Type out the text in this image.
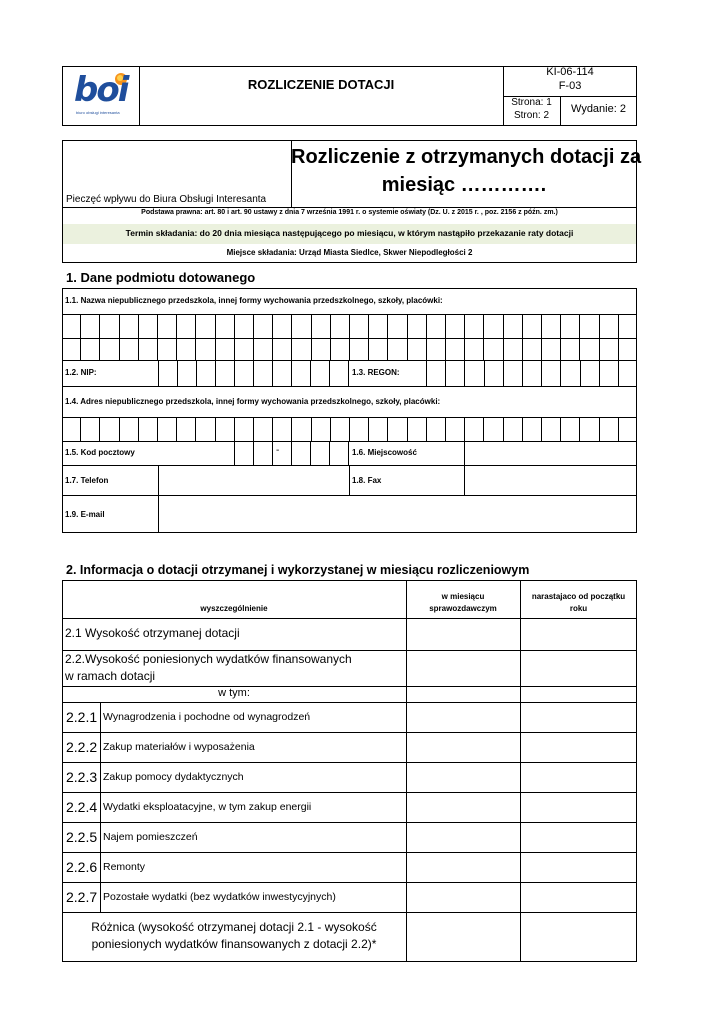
boi
biuro obsługi interesanta
ROZLICZENIE DOTACJI
KI-06-114
F-03
Strona: 1
Stron: 2
Wydanie: 2
Pieczęć wpływu do Biura Obsługi Interesanta
Rozliczenie z otrzymanych dotacji za
miesiąc ………….
Podstawa prawna: art. 80 i art. 90 ustawy z dnia 7 września 1991 r. o systemie oświaty (Dz. U. z 2015 r. , poz. 2156 z późn. zm.)
Termin składania: do 20 dnia miesiąca następującego po miesiącu, w którym nastąpiło przekazanie raty dotacji
Miejsce składania: Urząd Miasta Siedlce, Skwer Niepodległości 2
1. Dane podmiotu dotowanego
1.1. Nazwa niepublicznego przedszkola, innej formy wychowania przedszkolnego, szkoły, placówki:
1.2. NIP:	1.3. REGON:
1.4. Adres niepublicznego przedszkola, innej formy wychowania przedszkolnego, szkoły, placówki:
1.5. Kod pocztowy	-	1.6. Miejscowość
1.7. Telefon	1.8. Fax
1.9. E-mail
2. Informacja o dotacji otrzymanej i wykorzystanej w miesiącu rozliczeniowym
wyszczególnienie
w miesiącu
sprawozdawczym
narastajaco od początku
roku
2.1 Wysokość otrzymanej dotacji
2.2.Wysokość poniesionych wydatków finansowanych
w ramach dotacji
w tym:
2.2.1 Wynagrodzenia i pochodne od wynagrodzeń
2.2.2 Zakup materiałów i wyposażenia
2.2.3 Zakup pomocy dydaktycznych
2.2.4 Wydatki eksploatacyjne, w tym zakup energii
2.2.5 Najem pomieszczeń
2.2.6 Remonty
2.2.7 Pozostałe wydatki (bez wydatków inwestycyjnych)
Różnica (wysokość otrzymanej dotacji 2.1 - wysokość
poniesionych wydatków finansowanych z dotacji 2.2)*
